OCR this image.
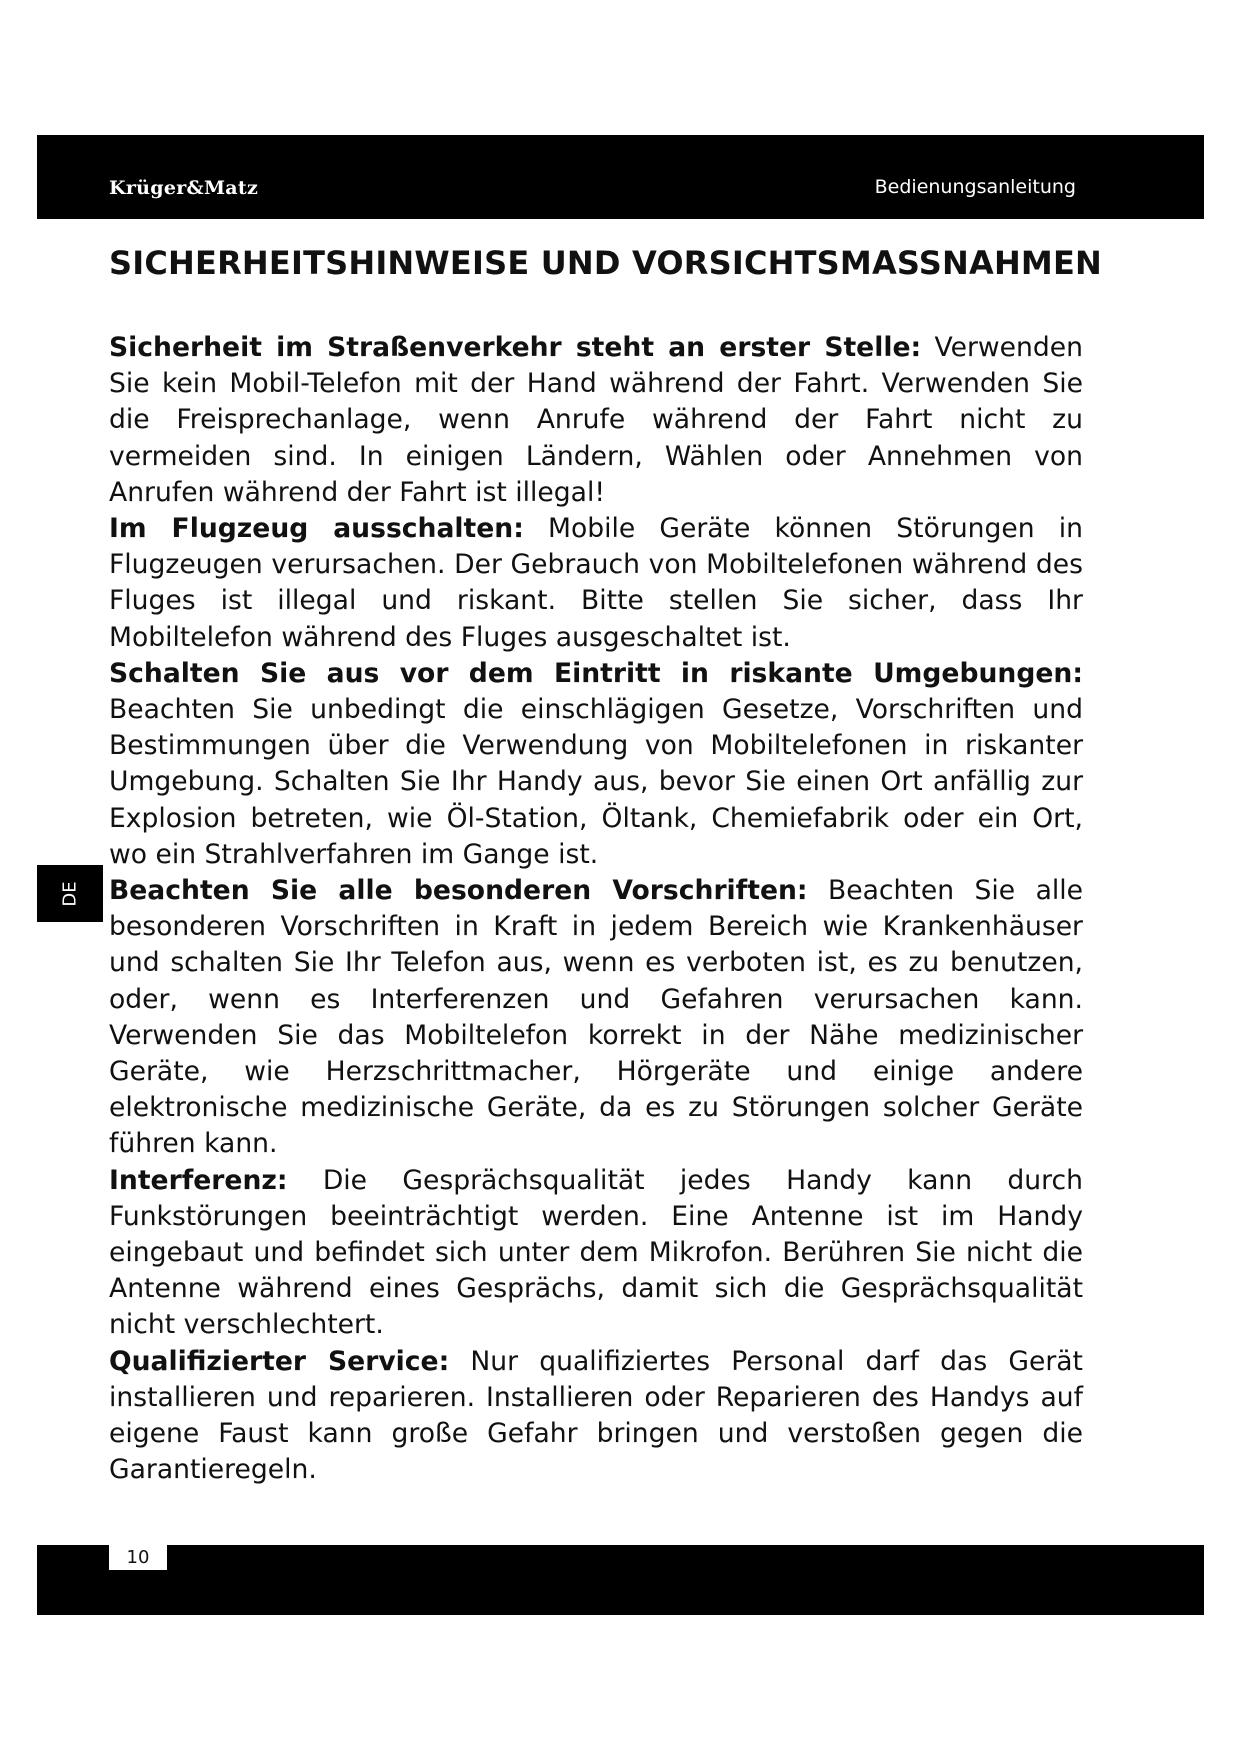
Krüger&Matz	Bedienungsanleitung
SICHERHEITSHINWEISE UND VORSICHTSMASSNAHMEN

Sicherheit im Straßenverkehr steht an erster Stelle: Verwenden Sie kein Mobil-Telefon mit der Hand während der Fahrt. Verwenden Sie die Freisprechanlage, wenn Anrufe während der Fahrt nicht zu vermeiden sind. In einigen Ländern, Wählen oder Annehmen von Anrufen während der Fahrt ist illegal!

Im Flugzeug ausschalten: Mobile Geräte können Störungen in Flugzeugen verursachen. Der Gebrauch von Mobiltelefonen während des Fluges ist illegal und riskant. Bitte stellen Sie sicher, dass Ihr Mobiltelefon während des Fluges ausgeschaltet ist.

Schalten Sie aus vor dem Eintritt in riskante Umgebungen: Beachten Sie unbedingt die einschlägigen Gesetze, Vorschriften und Bestimmungen über die Verwendung von Mobiltelefonen in riskanter Umgebung. Schalten Sie Ihr Handy aus, bevor Sie einen Ort anfällig zur Explosion betreten, wie Öl-Station, Öltank, Chemiefabrik oder ein Ort, wo ein Strahlverfahren im Gange ist.

Beachten Sie alle besonderen Vorschriften: Beachten Sie alle besonderen Vorschriften in Kraft in jedem Bereich wie Krankenhäuser und schalten Sie Ihr Telefon aus, wenn es verboten ist, es zu benutzen, oder, wenn es Interferenzen und Gefahren verursachen kann. Verwenden Sie das Mobiltelefon korrekt in der Nähe medizinischer Geräte, wie Herzschrittmacher, Hörgeräte und einige andere elektronische medizinische Geräte, da es zu Störungen solcher Geräte führen kann.

Interferenz: Die Gesprächsqualität jedes Handy kann durch Funkstörungen beeinträchtigt werden. Eine Antenne ist im Handy eingebaut und befindet sich unter dem Mikrofon. Berühren Sie nicht die Antenne während eines Gesprächs, damit sich die Gesprächsqualität nicht verschlechtert.

Qualifizierter Service: Nur qualifiziertes Personal darf das Gerät installieren und reparieren. Installieren oder Reparieren des Handys auf eigene Faust kann große Gefahr bringen und verstoßen gegen die Garantieregeln.

DE
10
